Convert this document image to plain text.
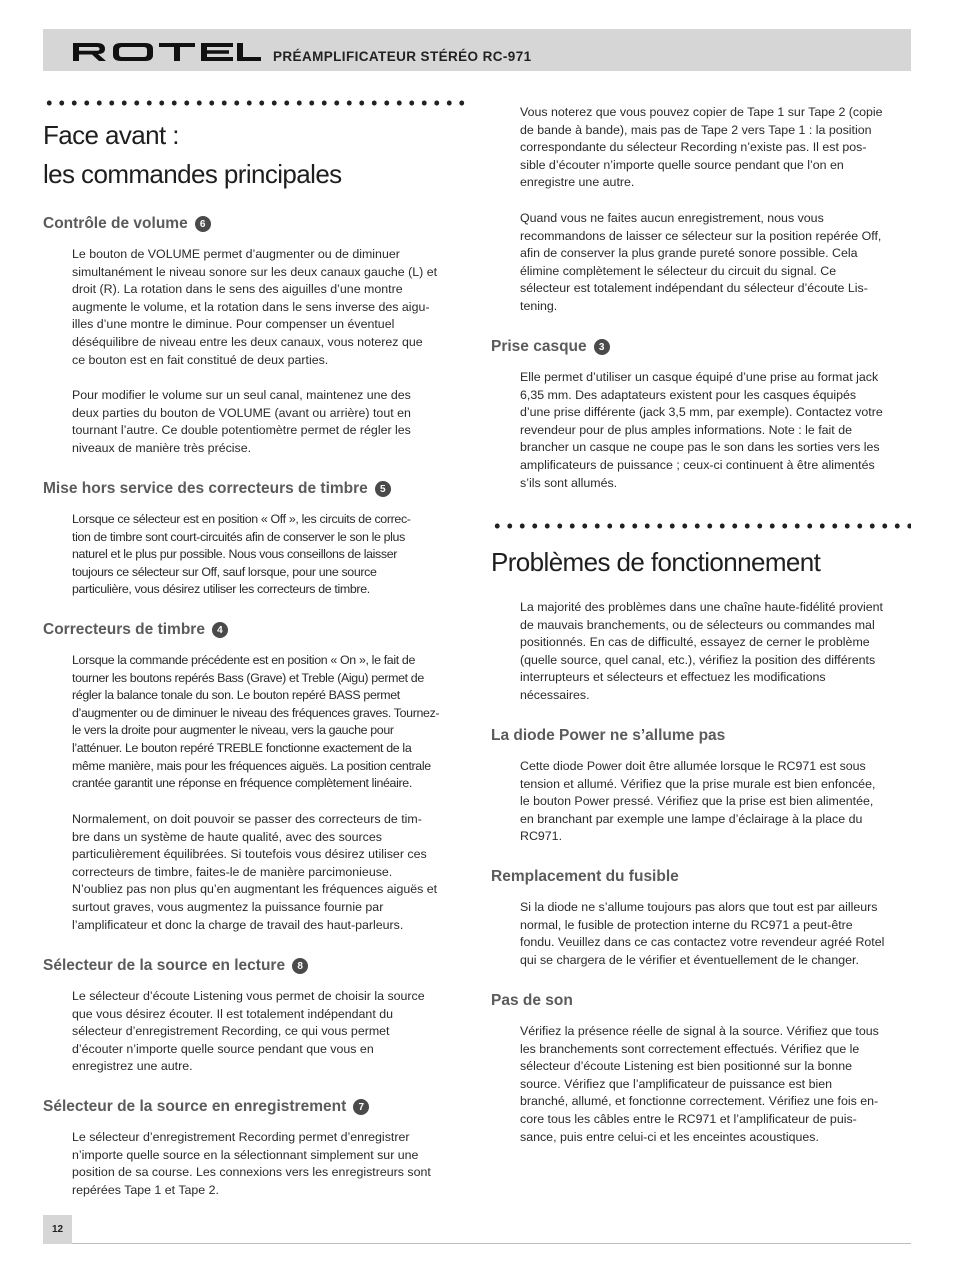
PRÉAMPLIFICATEUR STÉRÉO RC-971
Face avant :
les commandes principales
Contrôle de volume	6

Le bouton de VOLUME permet d’augmenter ou de diminuer
simultanément le niveau sonore sur les deux canaux gauche (L) et
droit (R). La rotation dans le sens des aiguilles d’une montre
augmente le volume, et la rotation dans le sens inverse des aigu-
illes d’une montre le diminue. Pour compenser un éventuel
déséquilibre de niveau entre les deux canaux, vous noterez que
ce bouton est en fait constitué de deux parties.

Pour modifier le volume sur un seul canal, maintenez une des
deux parties du bouton de VOLUME (avant ou arrière) tout en
tournant l’autre. Ce double potentiomètre permet de régler les
niveaux de manière très précise.

Mise hors service des correcteurs de timbre	5

Lorsque ce sélecteur est en position « Off », les circuits de correc-
tion de timbre sont court-circuités afin de conserver le son le plus
naturel et le plus pur possible. Nous vous conseillons de laisser
toujours ce sélecteur sur Off, sauf lorsque, pour une source
particulière, vous désirez utiliser les correcteurs de timbre.

Correcteurs de timbre	4

Lorsque la commande précédente est en position « On », le fait de
tourner les boutons repérés Bass (Grave) et Treble (Aigu) permet de
régler la balance tonale du son. Le bouton repéré BASS permet
d’augmenter ou de diminuer le niveau des fréquences graves. Tournez-
le vers la droite pour augmenter le niveau, vers la gauche pour
l’atténuer. Le bouton repéré TREBLE fonctionne exactement de la
même manière, mais pour les fréquences aiguës. La position centrale
crantée garantit une réponse en fréquence complètement linéaire.

Normalement, on doit pouvoir se passer des correcteurs de tim-
bre dans un système de haute qualité, avec des sources
particulièrement équilibrées. Si toutefois vous désirez utiliser ces
correcteurs de timbre, faites-le de manière parcimonieuse.
N’oubliez pas non plus qu’en augmentant les fréquences aiguës et
surtout graves, vous augmentez la puissance fournie par
l’amplificateur et donc la charge de travail des haut-parleurs.

Sélecteur de la source en lecture	8

Le sélecteur d’écoute Listening vous permet de choisir la source
que vous désirez écouter. Il est totalement indépendant du
sélecteur d’enregistrement Recording, ce qui vous permet
d’écouter n’importe quelle source pendant que vous en
enregistrez une autre.

Sélecteur de la source en enregistrement	7

Le sélecteur d’enregistrement Recording permet d’enregistrer
n’importe quelle source en la sélectionnant simplement sur une
position de sa course. Les connexions vers les enregistreurs sont
repérées Tape 1 et Tape 2.

Vous noterez que vous pouvez copier de Tape 1 sur Tape 2 (copie
de bande à bande), mais pas de Tape 2 vers Tape 1 : la position
correspondante du sélecteur Recording n’existe pas. Il est pos-
sible d’écouter n’importe quelle source pendant que l’on en
enregistre une autre.

Quand vous ne faites aucun enregistrement, nous vous
recommandons de laisser ce sélecteur sur la position repérée Off,
afin de conserver la plus grande pureté sonore possible. Cela
élimine complètement le sélecteur du circuit du signal. Ce
sélecteur est totalement indépendant du sélecteur d’écoute Lis-
tening.

Prise casque	3

Elle permet d’utiliser un casque équipé d’une prise au format jack
6,35 mm. Des adaptateurs existent pour les casques équipés
d’une prise différente (jack 3,5 mm, par exemple). Contactez votre
revendeur pour de plus amples informations. Note : le fait de
brancher un casque ne coupe pas le son dans les sorties vers les
amplificateurs de puissance ; ceux-ci continuent à être alimentés
s’ils sont allumés.

Problèmes de fonctionnement

La majorité des problèmes dans une chaîne haute-fidélité provient
de mauvais branchements, ou de sélecteurs ou commandes mal
positionnés. En cas de difficulté, essayez de cerner le problème
(quelle source, quel canal, etc.), vérifiez la position des différents
interrupteurs et sélecteurs et effectuez les modifications
nécessaires.

La diode Power ne s’allume pas

Cette diode Power doit être allumée lorsque le RC971 est sous
tension et allumé. Vérifiez que la prise murale est bien enfoncée,
le bouton Power pressé. Vérifiez que la prise est bien alimentée,
en branchant par exemple une lampe d’éclairage à la place du
RC971.

Remplacement du fusible

Si la diode ne s’allume toujours pas alors que tout est par ailleurs
normal, le fusible de protection interne du RC971 a peut-être
fondu. Veuillez dans ce cas contactez votre revendeur agréé Rotel
qui se chargera de le vérifier et éventuellement de le changer.

Pas de son

Vérifiez la présence réelle de signal à la source. Vérifiez que tous
les branchements sont correctement effectués. Vérifiez que le
sélecteur d’écoute Listening est bien positionné sur la bonne
source. Vérifiez que l’amplificateur de puissance est bien
branché, allumé, et fonctionne correctement. Vérifiez une fois en-
core tous les câbles entre le RC971 et l’amplificateur de puis-
sance, puis entre celui-ci et les enceintes acoustiques.

12
